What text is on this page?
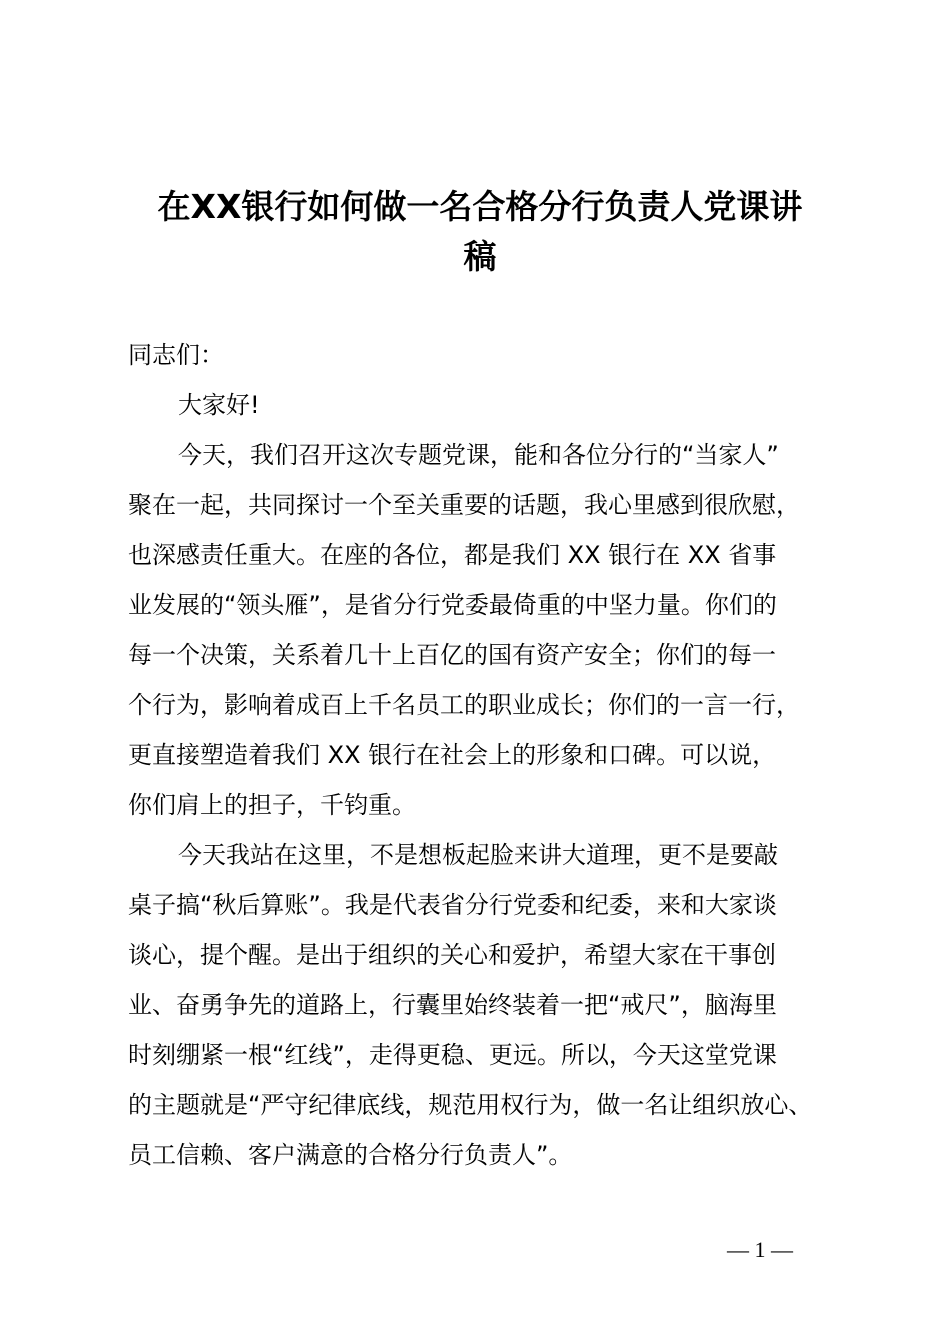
在XX银行如何做一名合格分行负责人党课讲
稿
同志们：
大家好!
今天，我们召开这次专题党课，能和各位分行的“当家人”
聚在一起，共同探讨一个至关重要的话题，我心里感到很欣慰，
也深感责任重大。在座的各位，都是我们 XX 银行在 XX 省事
业发展的“领头雁”，是省分行党委最倚重的中坚力量。你们的
每一个决策，关系着几十上百亿的国有资产安全；你们的每一
个行为，影响着成百上千名员工的职业成长；你们的一言一行，
更直接塑造着我们 XX 银行在社会上的形象和口碑。可以说，
你们肩上的担子，千钧重。
今天我站在这里，不是想板起脸来讲大道理，更不是要敲
桌子搞“秋后算账”。我是代表省分行党委和纪委，来和大家谈
谈心，提个醒。是出于组织的关心和爱护，希望大家在干事创
业、奋勇争先的道路上，行囊里始终装着一把“戒尺”，脑海里
时刻绷紧一根“红线”，走得更稳、更远。所以，今天这堂党课
的主题就是“严守纪律底线，规范用权行为，做一名让组织放心、
员工信赖、客户满意的合格分行负责人”。
— 1 —
